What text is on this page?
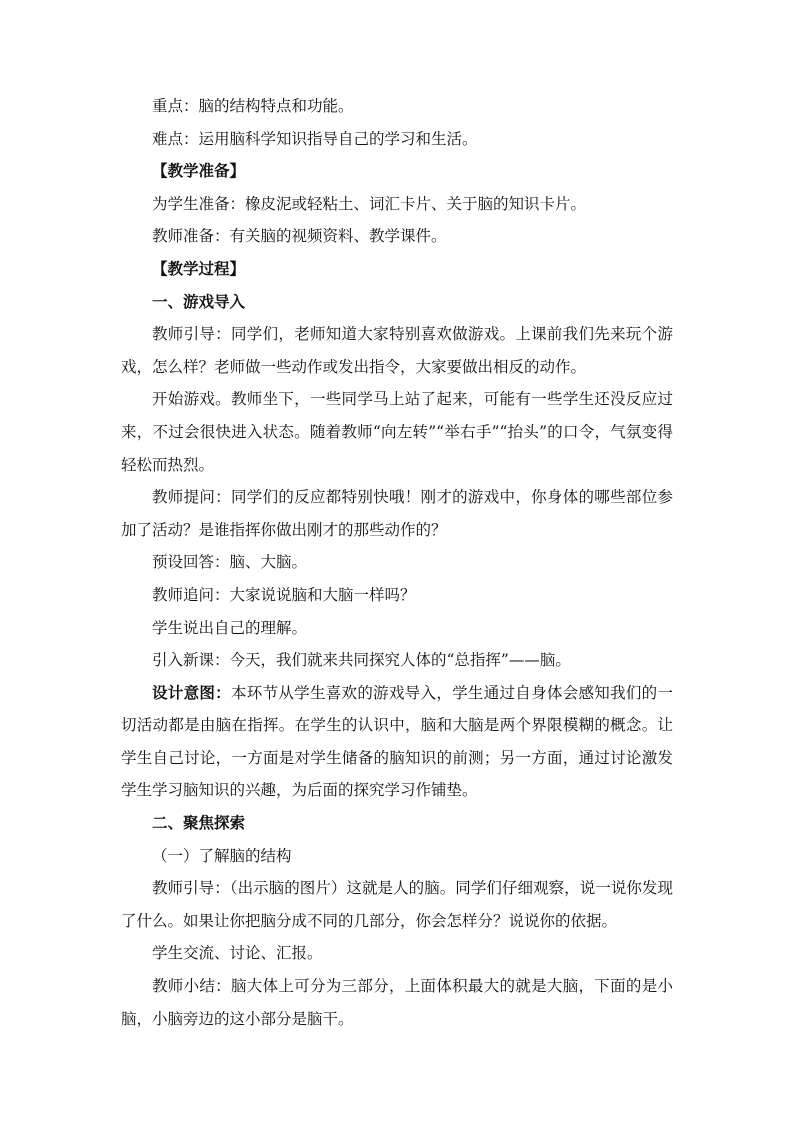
重点：脑的结构特点和功能。

难点：运用脑科学知识指导自己的学习和生活。

【教学准备】

为学生准备：橡皮泥或轻粘土、词汇卡片、关于脑的知识卡片。

教师准备：有关脑的视频资料、教学课件。

【教学过程】

一、游戏导入

教师引导：同学们，老师知道大家特别喜欢做游戏。上课前我们先来玩个游戏，怎么样？老师做一些动作或发出指令，大家要做出相反的动作。

开始游戏。教师坐下，一些同学马上站了起来，可能有一些学生还没反应过来，不过会很快进入状态。随着教师“向左转”“举右手”“抬头”的口令，气氛变得轻松而热烈。

教师提问：同学们的反应都特别快哦！刚才的游戏中，你身体的哪些部位参加了活动？是谁指挥你做出刚才的那些动作的？

预设回答：脑、大脑。

教师追问：大家说说脑和大脑一样吗？

学生说出自己的理解。

引入新课：今天，我们就来共同探究人体的“总指挥”——脑。

设计意图：本环节从学生喜欢的游戏导入，学生通过自身体会感知我们的一切活动都是由脑在指挥。在学生的认识中，脑和大脑是两个界限模糊的概念。让学生自己讨论，一方面是对学生储备的脑知识的前测；另一方面，通过讨论激发学生学习脑知识的兴趣，为后面的探究学习作铺垫。

二、聚焦探索

（一）了解脑的结构

教师引导：（出示脑的图片）这就是人的脑。同学们仔细观察，说一说你发现了什么。如果让你把脑分成不同的几部分，你会怎样分？说说你的依据。

学生交流、讨论、汇报。

教师小结：脑大体上可分为三部分，上面体积最大的就是大脑，下面的是小脑，小脑旁边的这小部分是脑干。
